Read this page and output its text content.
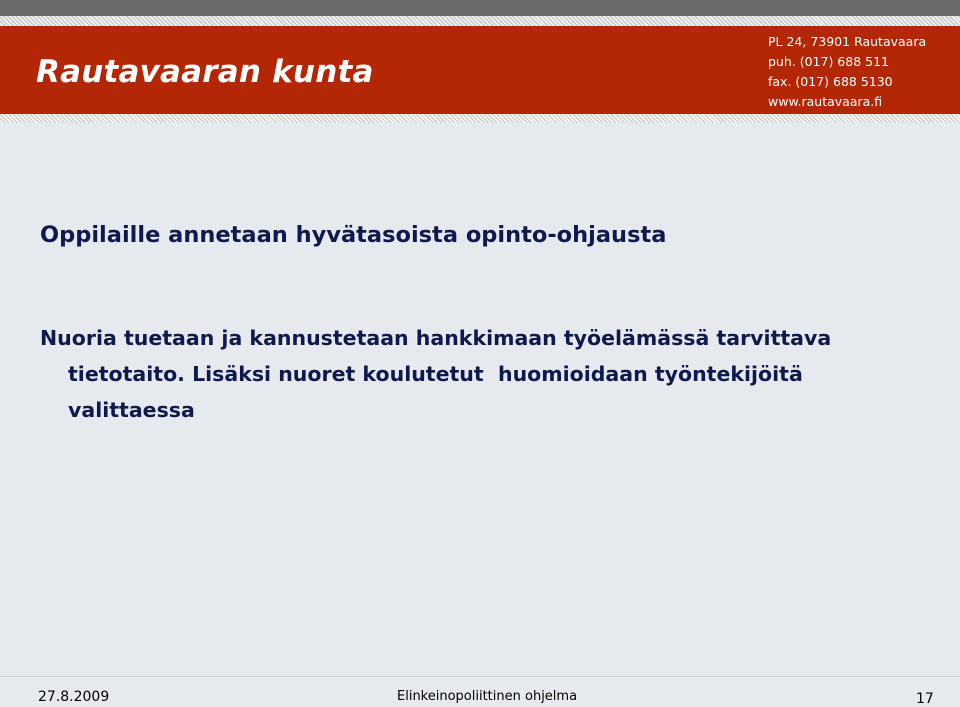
Rautavaaran kunta
PL 24, 73901 Rautavaara
puh. (017) 688 511
fax. (017) 688 5130
www.rautavaara.fi
Oppilaille annetaan hyvätasoista opinto-ohjausta
Nuoria tuetaan ja kannustetaan hankkimaan työelämässä tarvittava
tietotaito. Lisäksi nuoret koulutetut  huomioidaan työntekijöitä
valittaessa
27.8.2009	Elinkeinopoliittinen ohjelma	17
